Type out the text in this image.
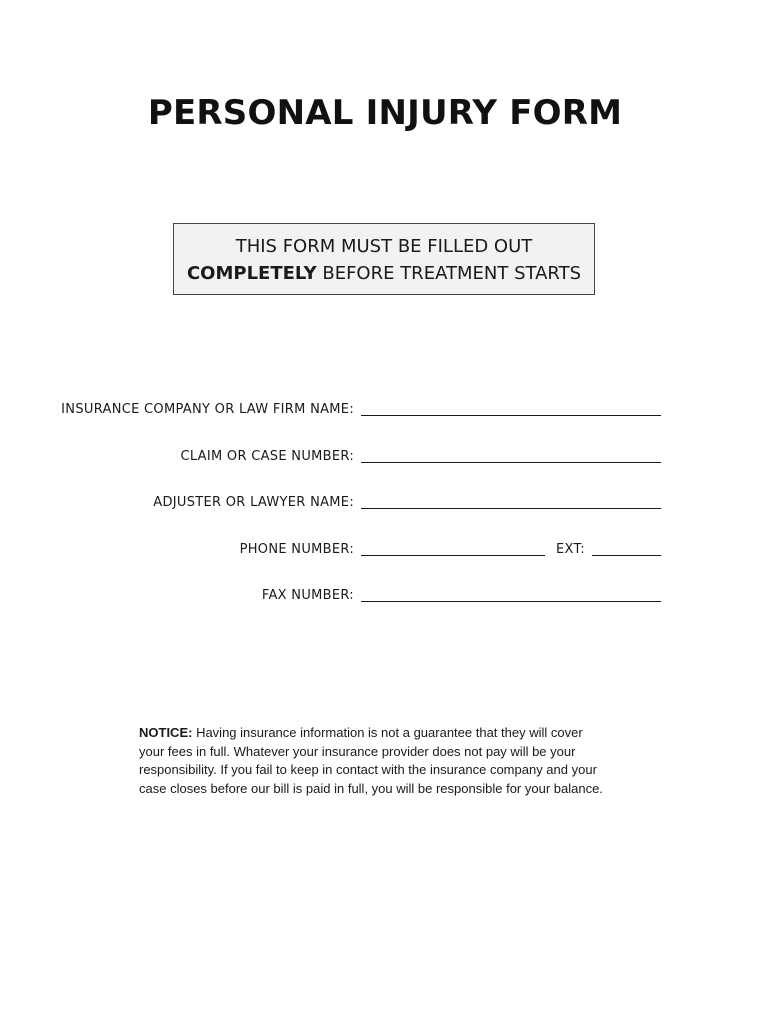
PERSONAL INJURY FORM
THIS FORM MUST BE FILLED OUT
COMPLETELY BEFORE TREATMENT STARTS
INSURANCE COMPANY OR LAW FIRM NAME:
CLAIM OR CASE NUMBER:
ADJUSTER OR LAWYER NAME:
PHONE NUMBER:	EXT:
FAX NUMBER:
NOTICE: Having insurance information is not a guarantee that they will cover
your fees in full. Whatever your insurance provider does not pay will be your
responsibility. If you fail to keep in contact with the insurance company and your
case closes before our bill is paid in full, you will be responsible for your balance.
